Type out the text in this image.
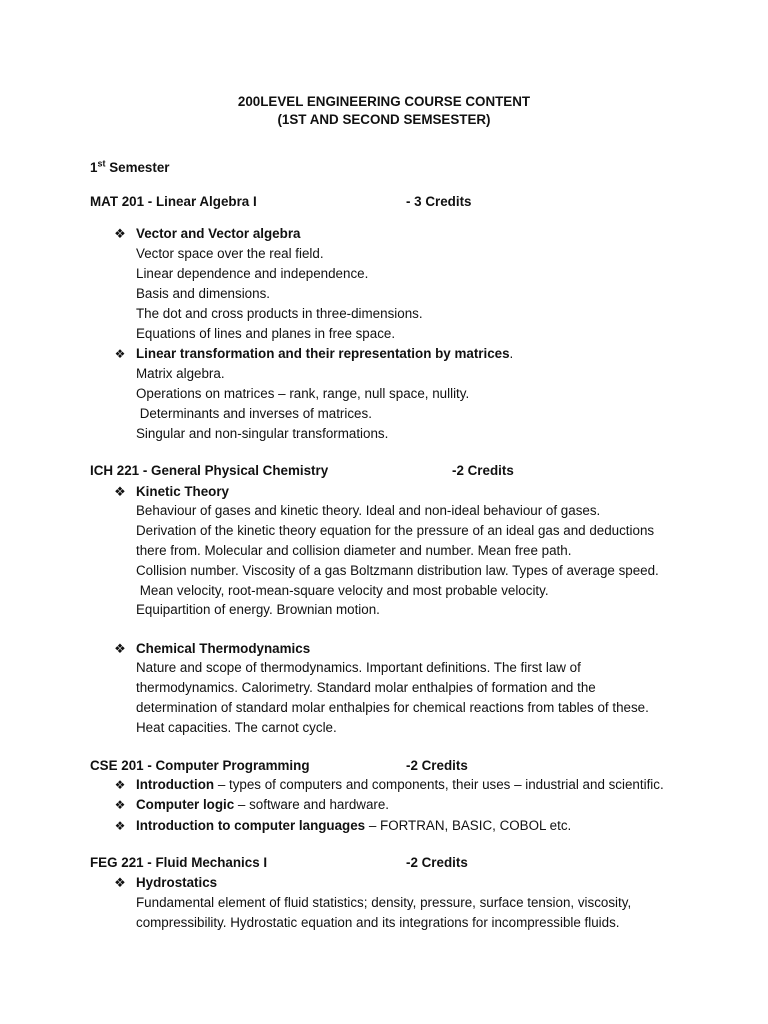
200LEVEL ENGINEERING COURSE CONTENT
(1ST AND SECOND SEMSESTER)
1st Semester
MAT 201 - Linear Algebra I	- 3 Credits
❖ Vector and Vector algebra
Vector space over the real field.
Linear dependence and independence.
Basis and dimensions.
The dot and cross products in three-dimensions.
Equations of lines and planes in free space.
❖ Linear transformation and their representation by matrices.
Matrix algebra.
Operations on matrices – rank, range, null space, nullity.
Determinants and inverses of matrices.
Singular and non-singular transformations.
ICH 221 - General Physical Chemistry	-2 Credits
❖ Kinetic Theory
Behaviour of gases and kinetic theory. Ideal and non-ideal behaviour of gases.
Derivation of the kinetic theory equation for the pressure of an ideal gas and deductions
there from. Molecular and collision diameter and number. Mean free path.
Collision number. Viscosity of a gas Boltzmann distribution law. Types of average speed.
Mean velocity, root-mean-square velocity and most probable velocity.
Equipartition of energy. Brownian motion.
❖ Chemical Thermodynamics
Nature and scope of thermodynamics. Important definitions. The first law of
thermodynamics. Calorimetry. Standard molar enthalpies of formation and the
determination of standard molar enthalpies for chemical reactions from tables of these.
Heat capacities. The carnot cycle.
CSE 201 - Computer Programming	-2 Credits
❖ Introduction – types of computers and components, their uses – industrial and scientific.
❖ Computer logic – software and hardware.
❖ Introduction to computer languages – FORTRAN, BASIC, COBOL etc.
FEG 221 - Fluid Mechanics I	-2 Credits
❖ Hydrostatics
Fundamental element of fluid statistics; density, pressure, surface tension, viscosity,
compressibility. Hydrostatic equation and its integrations for incompressible fluids.
